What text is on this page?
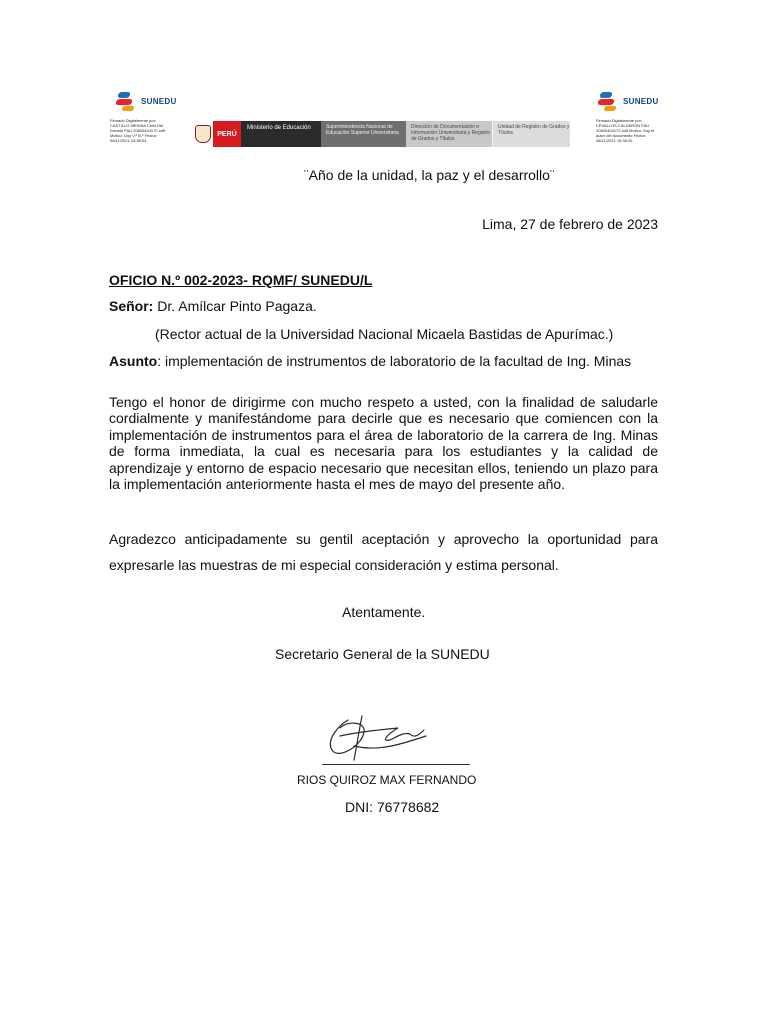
SUNEDU
Firmado Digitalmente por: CASTILLO MEDINA Celio Del Dorado FAU 20600404172 soft Motivo: Doy V.º B.º Fecha: 06/11/2021 13:36:04
PERÚ
Ministerio de Educación	Superintendencia Nacional de Educación Superior Universitaria
Dirección de Documentación e Información Universitaria y Registro de Grados y Títulos
Unidad de Registro de Grados y Títulos
SUNEDU
Firmado Digitalmente por: CEVALLOS CALDERÓN FAU 20600404172 soft Motivo: Soy el autor del documento Fecha: 06/11/2021 15:36:20
¨Año de la unidad, la paz y el desarrollo¨
Lima, 27 de febrero de 2023
OFICIO N.º 002-2023- RQMF/ SUNEDU/L
Señor: Dr. Amílcar Pinto Pagaza.
(Rector actual de la Universidad Nacional Micaela Bastidas de Apurímac.)
Asunto: implementación de instrumentos de laboratorio de la facultad de Ing. Minas
Tengo el honor de dirigirme con mucho respeto a usted, con la finalidad de saludarle cordialmente y manifestándome para decirle que es necesario que comiencen con la implementación de instrumentos para el área de laboratorio de la carrera de Ing. Minas de forma inmediata, la cual es necesaria para los estudiantes y la calidad de aprendizaje y entorno de espacio necesario que necesitan ellos, teniendo un plazo para la implementación anteriormente hasta el mes de mayo del presente año.
Agradezco anticipadamente su gentil aceptación y aprovecho la oportunidad para expresarle las muestras de mi especial consideración y estima personal.
Atentamente.
Secretario General de la SUNEDU
RIOS QUIROZ MAX FERNANDO
DNI: 76778682
